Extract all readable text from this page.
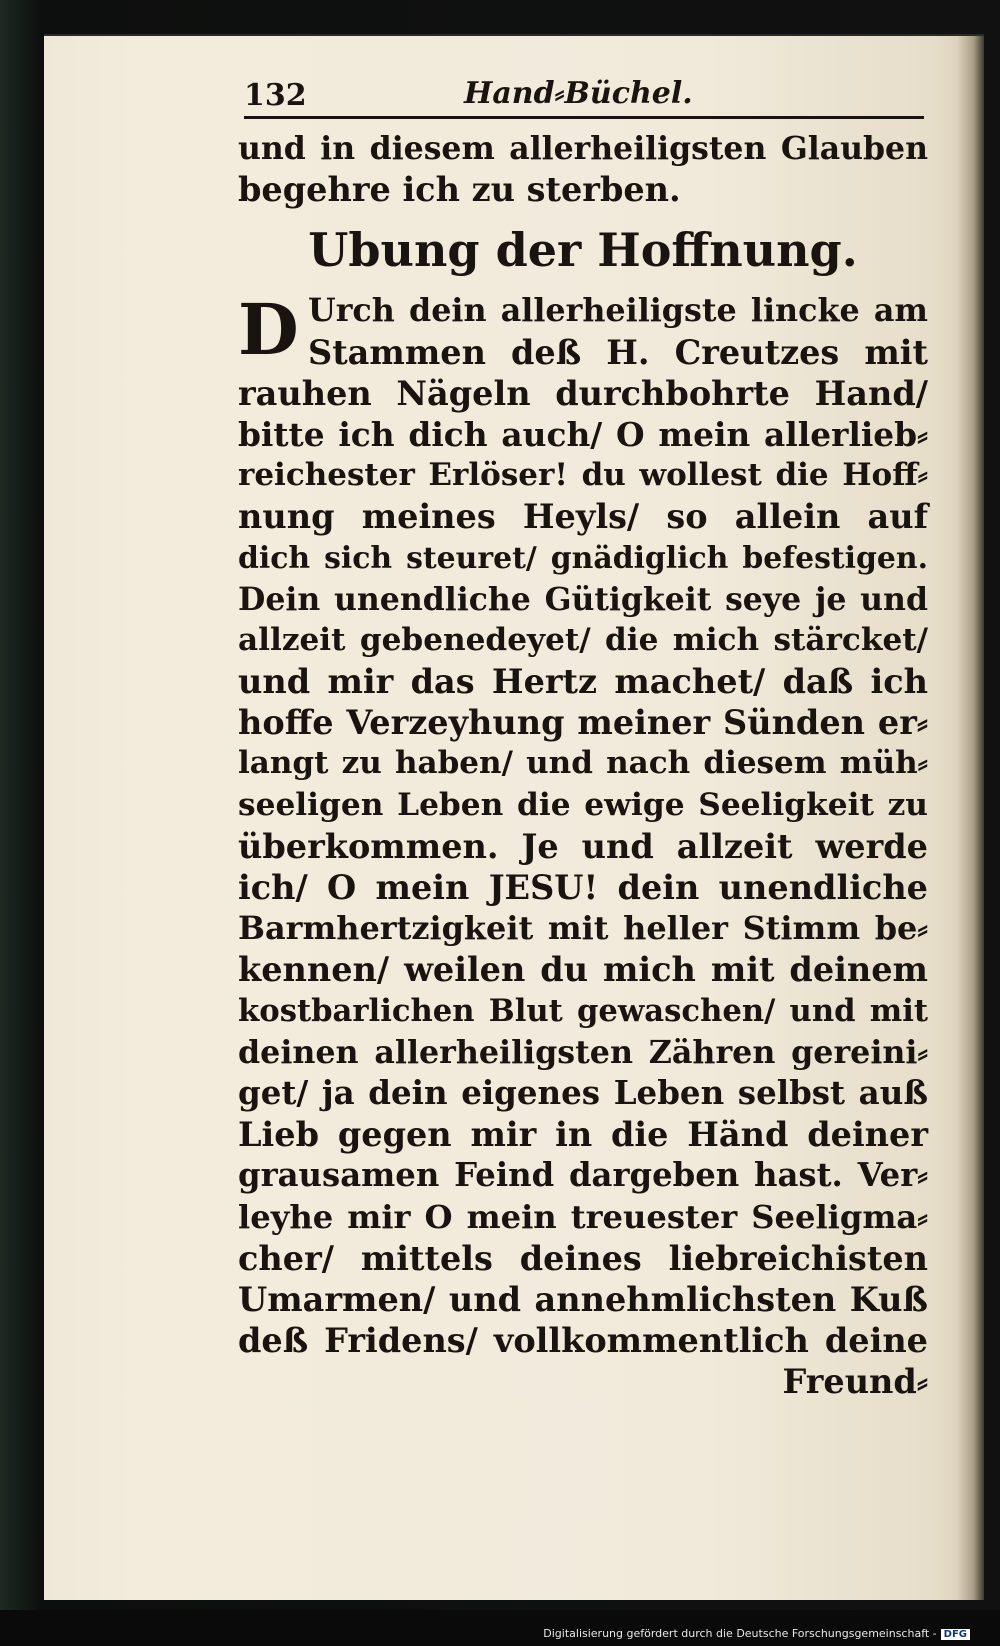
132	Hand⸗Büchel.
und in diesem allerheiligsten Glauben
begehre ich zu sterben.
Ubung der Hoffnung.
D Urch dein allerheiligste lincke am
Stammen deß H. Creutzes mit
rauhen Nägeln durchbohrte Hand/
bitte ich dich auch/ O mein allerlieb⸗
reichester Erlöser! du wollest die Hoff⸗
nung meines Heyls/ so allein auf
dich sich steuret/ gnädiglich befestigen.
Dein unendliche Gütigkeit seye je und
allzeit gebenedeyet/ die mich stärcket/
und mir das Hertz machet/ daß ich
hoffe Verzeyhung meiner Sünden er⸗
langt zu haben/ und nach diesem müh⸗
seeligen Leben die ewige Seeligkeit zu
überkommen. Je und allzeit werde
ich/ O mein JESU! dein unendliche
Barmhertzigkeit mit heller Stimm be⸗
kennen/ weilen du mich mit deinem
kostbarlichen Blut gewaschen/ und mit
deinen allerheiligsten Zähren gereini⸗
get/ ja dein eigenes Leben selbst auß
Lieb gegen mir in die Händ deiner
grausamen Feind dargeben hast. Ver⸗
leyhe mir O mein treuester Seeligma⸗
cher/ mittels deines liebreichisten
Umarmen/ und annehmlichsten Kuß
deß Fridens/ vollkommentlich deine
Freund⸗
Digitalisierung gefördert durch die Deutsche Forschungsgemeinschaft - DFG
